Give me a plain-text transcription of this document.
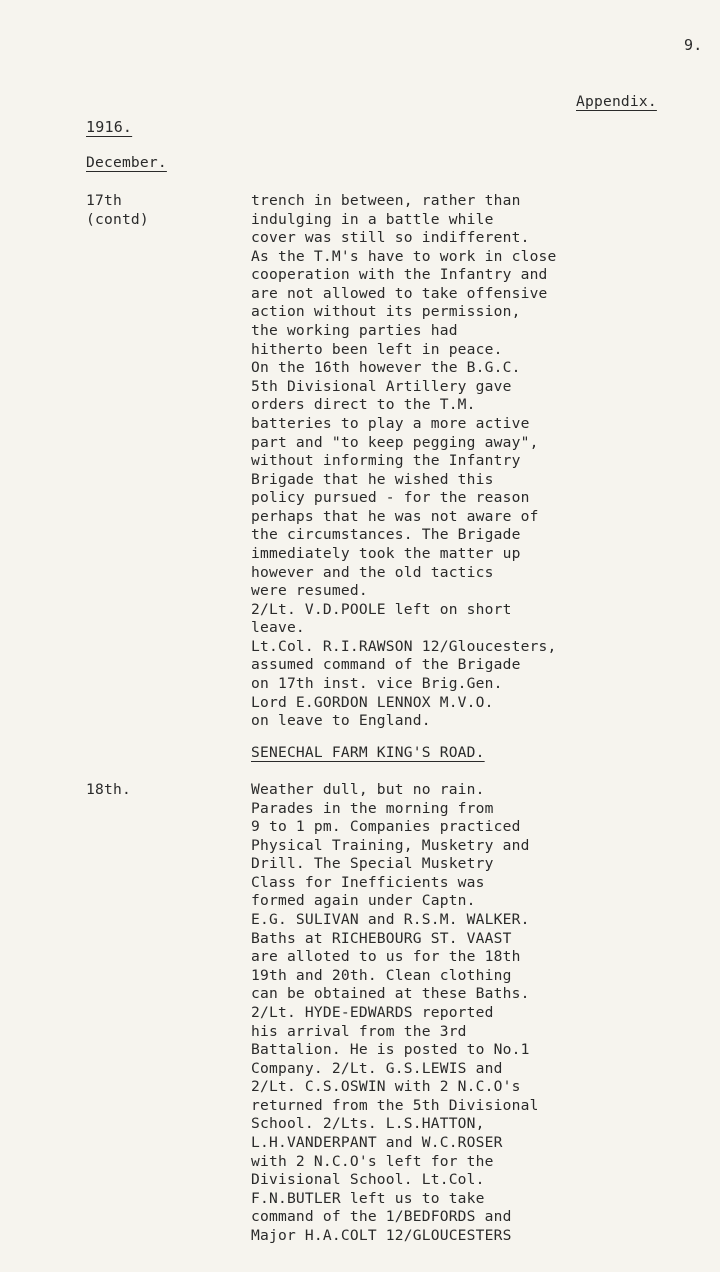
9.
Appendix.
1916.
December.
17th
(contd)
trench in between, rather than
indulging in a battle while
cover was still so indifferent.
As the T.M's have to work in close
cooperation with the Infantry and
are not allowed to take offensive
action without its permission,
the working parties had
hitherto been left in peace.
On the 16th however the B.G.C.
5th Divisional Artillery gave
orders direct to the T.M.
batteries to play a more active
part and "to keep pegging away",
without informing the Infantry
Brigade that he wished this
policy pursued - for the reason
perhaps that he was not aware of
the circumstances. The Brigade
immediately took the matter up
however and the old tactics
were resumed.
2/Lt. V.D.POOLE left on short
leave.
Lt.Col. R.I.RAWSON 12/Gloucesters,
assumed command of the Brigade
on 17th inst. vice Brig.Gen.
Lord E.GORDON LENNOX M.V.O.
on leave to England.
SENECHAL FARM KING'S ROAD.
18th.	Weather dull, but no rain.
Parades in the morning from
9 to 1 pm. Companies practiced
Physical Training, Musketry and
Drill. The Special Musketry
Class for Inefficients was
formed again under Captn.
E.G. SULIVAN and R.S.M. WALKER.
Baths at RICHEBOURG ST. VAAST
are alloted to us for the 18th
19th and 20th. Clean clothing
can be obtained at these Baths.
2/Lt. HYDE-EDWARDS reported
his arrival from the 3rd
Battalion. He is posted to No.1
Company. 2/Lt. G.S.LEWIS and
2/Lt. C.S.OSWIN with 2 N.C.O's
returned from the 5th Divisional
School. 2/Lts. L.S.HATTON,
L.H.VANDERPANT and W.C.ROSER
with 2 N.C.O's left for the
Divisional School. Lt.Col.
F.N.BUTLER left us to take
command of the 1/BEDFORDS and
Major H.A.COLT 12/GLOUCESTERS
